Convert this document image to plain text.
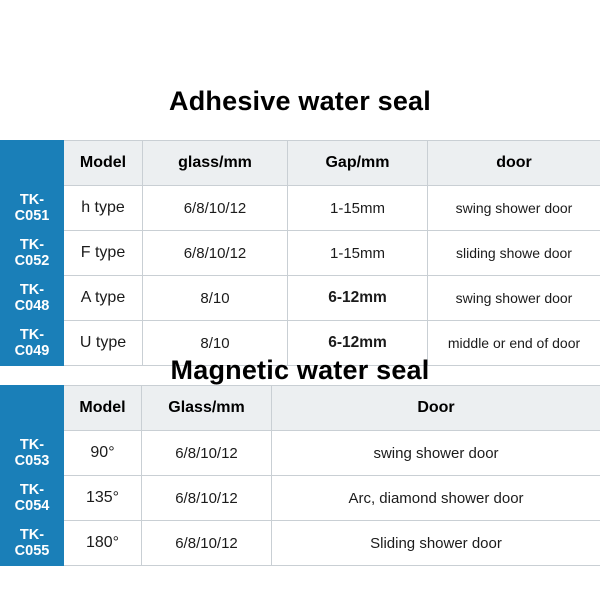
Adhesive water seal
	Model	glass/mm	Gap/mm	door
TK-C051	h type	6/8/10/12	1-15mm	swing shower door
TK-C052	F type	6/8/10/12	1-15mm	sliding showe door
TK-C048	A type	8/10	6-12mm	swing shower door
TK-C049	U type	8/10	6-12mm	middle or end of door
Magnetic water seal
	Model	Glass/mm	Door
TK-C053	90°	6/8/10/12	swing shower door
TK-C054	135°	6/8/10/12	Arc, diamond shower door
TK-C055	180°	6/8/10/12	Sliding shower door
